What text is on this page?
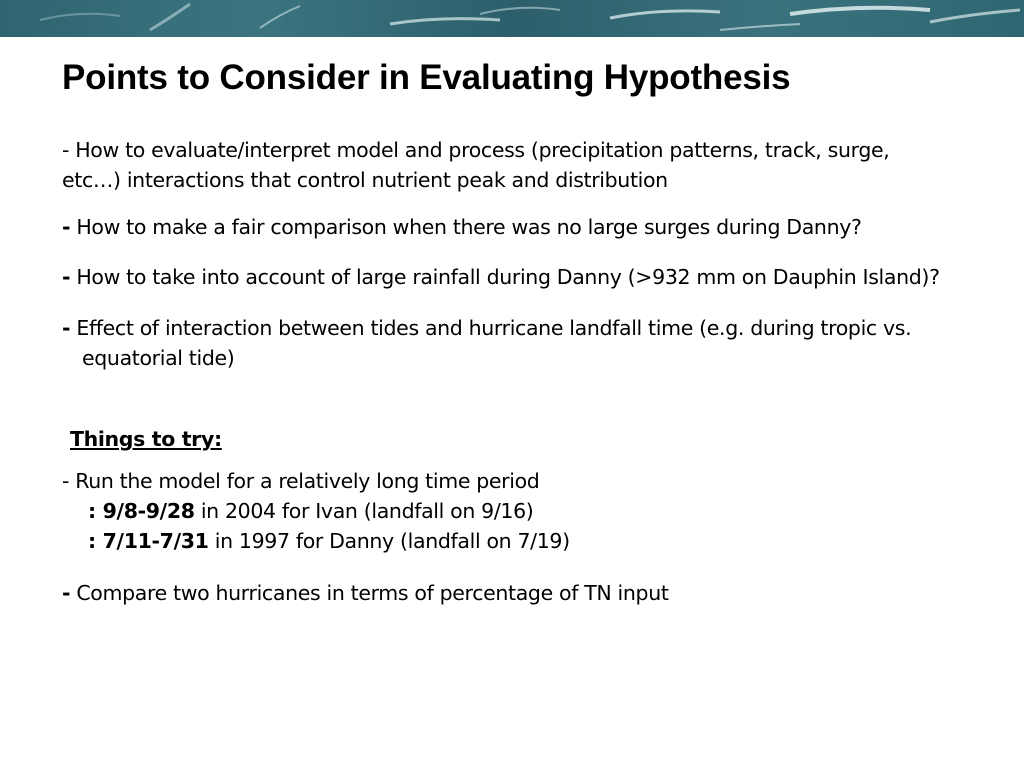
Points to Consider in Evaluating Hypothesis
- How to evaluate/interpret model and process (precipitation patterns, track, surge,
etc…) interactions that control nutrient peak and distribution
- How to make a fair comparison when there was no large surges during Danny?
- How to take into account of large rainfall during Danny (>932 mm on Dauphin Island)?
- Effect of interaction between tides and hurricane landfall time (e.g. during tropic vs.
equatorial tide)
Things to try:
- Run the model for a relatively long time period
: 9/8-9/28 in 2004 for Ivan (landfall on 9/16)
: 7/11-7/31 in 1997 for Danny (landfall on 7/19)
- Compare two hurricanes in terms of percentage of TN input
